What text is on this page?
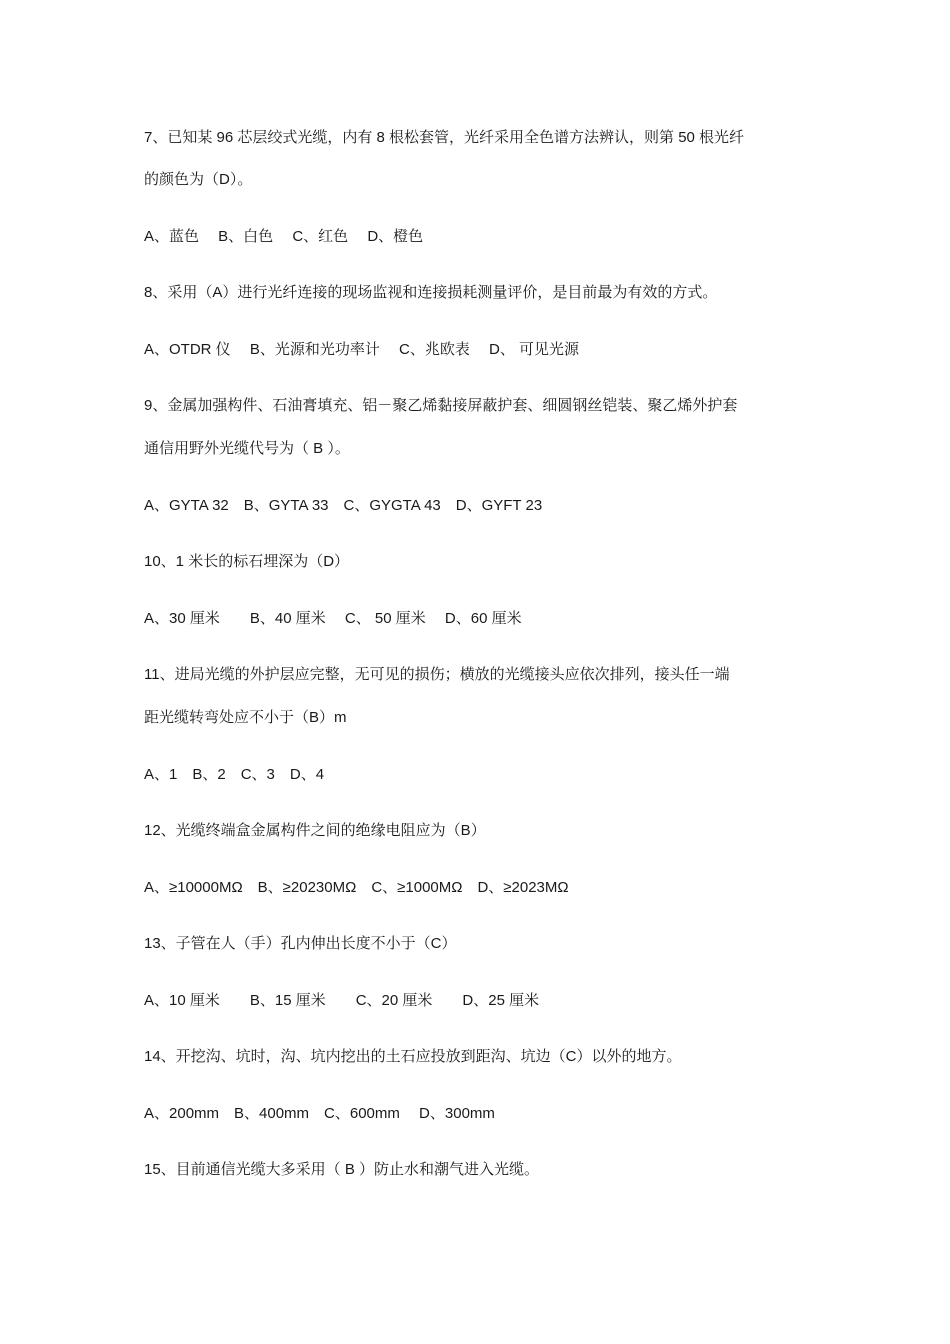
7、已知某 96 芯层绞式光缆，内有 8 根松套管，光纤采用全色谱方法辨认，则第 50 根光纤
的颜色为（D）。
A、蓝色　 B、白色　 C、红色　 D、橙色
8、采用（A）进行光纤连接的现场监视和连接损耗测量评价，是目前最为有效的方式。
A、OTDR 仪　 B、光源和光功率计　 C、兆欧表　 D、 可见光源
9、金属加强构件、石油膏填充、铝－聚乙烯黏接屏蔽护套、细圆钢丝铠装、聚乙烯外护套
通信用野外光缆代号为（ B ）。
A、GYTA 32　B、GYTA 33　C、GYGTA 43　D、GYFT 23
10、1 米长的标石埋深为（D）
A、30 厘米　　B、40 厘米　 C、 50 厘米　 D、60 厘米
11、进局光缆的外护层应完整，无可见的损伤；横放的光缆接头应依次排列，接头任一端
距光缆转弯处应不小于（B）m
A、1　B、2　C、3　D、4
12、光缆终端盒金属构件之间的绝缘电阻应为（B）
A、≥10000MΩ　B、≥20230MΩ　C、≥1000MΩ　D、≥2023MΩ
13、子管在人（手）孔内伸出长度不小于（C）
A、10 厘米　　B、15 厘米　　C、20 厘米　　D、25 厘米
14、开挖沟、坑时，沟、坑内挖出的土石应投放到距沟、坑边（C）以外的地方。
A、200mm　B、400mm　C、600mm　 D、300mm
15、目前通信光缆大多采用（ B ）防止水和潮气进入光缆。
